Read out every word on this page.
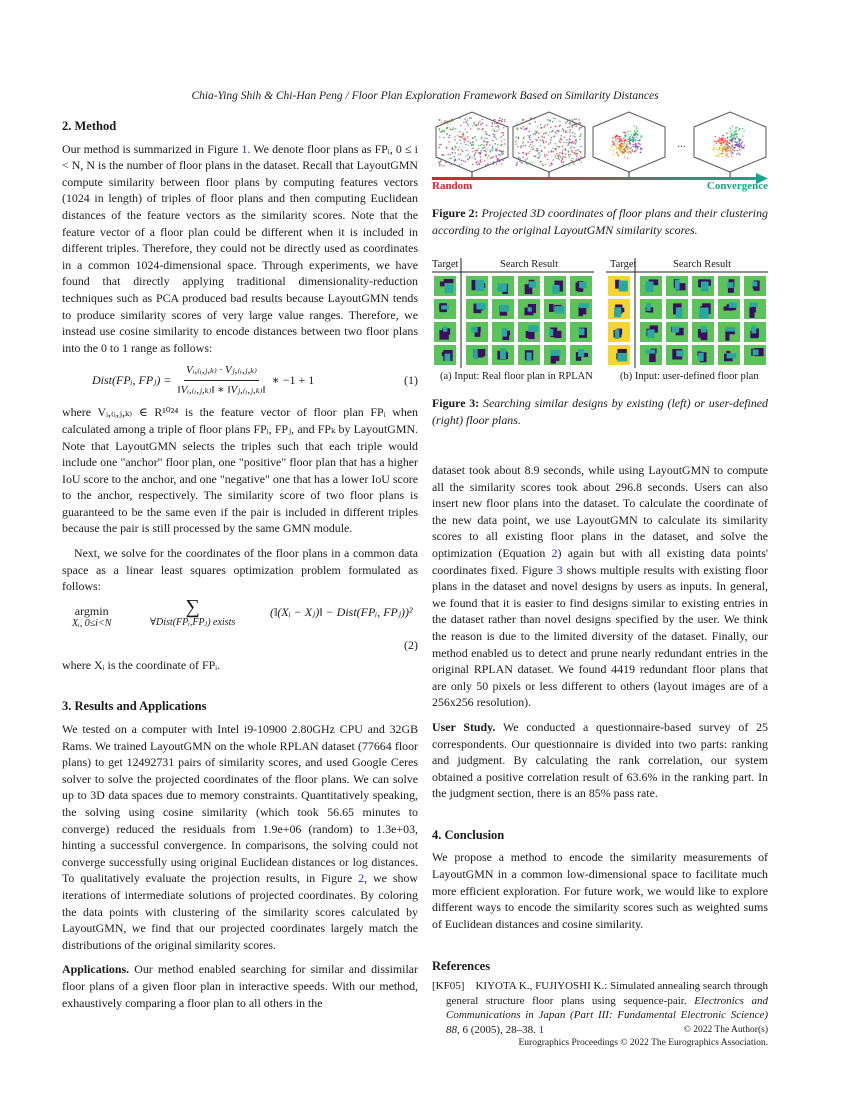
Chia-Ying Shih & Chi-Han Peng / Floor Plan Exploration Framework Based on Similarity Distances
2. Method

Our method is summarized in Figure 1. We denote floor plans as FPᵢ, 0 ≤ i < N, N is the number of floor plans in the dataset. Recall that LayoutGMN compute similarity between floor plans by computing features vectors (1024 in length) of triples of floor plans and then computing Euclidean distances of the feature vectors as the similarity scores. Note that the feature vector of a floor plan could be different when it is included in different triples. Therefore, they could not be directly used as coordinates in a common 1024-dimensional space. Through experiments, we have found that directly applying traditional dimensionality-reduction techniques such as PCA produced bad results because LayoutGMN tends to produce similarity scores of very large value ranges. Therefore, we instead use cosine similarity to encode distances between two floor plans into the 0 to 1 range as follows:

Dist(FPᵢ, FPⱼ) = $\frac{\text{Vᵢ,₍ᵢ,ⱼ,ₖ₎ · Vⱼ,₍ᵢ,ⱼ,ₖ₎}}{\text{‖Vᵢ,₍ᵢ,ⱼ,ₖ₎‖ ∗ ‖Vⱼ,₍ᵢ,ⱼ,ₖ₎‖}}$ ∗ −1 + 1	(1)

where Vᵢ,₍ᵢ,ⱼ,ₖ₎ ∈ R¹⁰²⁴ is the feature vector of floor plan FPᵢ when calculated among a triple of floor plans FPᵢ, FPⱼ, and FPₖ by LayoutGMN. Note that LayoutGMN selects the triples such that each triple would include one "anchor" floor plan, one "positive" floor plan that has a higher IoU score to the anchor, and one "negative" one that has a lower IoU score to the anchor, respectively. The similarity score of two floor plans is guaranteed to be the same even if the pair is included in different triples because the pair is still processed by the same GMN module.

Next, we solve for the coordinates of the floor plans in a common data space as a linear least squares optimization problem formulated as follows:

argmin
Xᵢ, 0≤i<N
∑
∀Dist(FPᵢ,FPⱼ) exists
(‖(Xᵢ − Xⱼ)‖ − Dist(FPᵢ, FPⱼ))²
(2)

where Xᵢ is the coordinate of FPᵢ.

3. Results and Applications

We tested on a computer with Intel i9-10900 2.80GHz CPU and 32GB Rams. We trained LayoutGMN on the whole RPLAN dataset (77664 floor plans) to get 12492731 pairs of similarity scores, and used Google Ceres solver to solve the projected coordinates of the floor plans. We can solve up to 3D data spaces due to memory constraints. Quantitatively speaking, the solving using cosine similarity (which took 56.65 minutes to converge) reduced the residuals from 1.9e+06 (random) to 1.3e+03, hinting a successful convergence. In comparisons, the solving could not converge successfully using original Euclidean distances or log distances. To qualitatively evaluate the projection results, in Figure 2, we show iterations of intermediate solutions of projected coordinates. By coloring the data points with clustering of the similarity scores calculated by LayoutGMN, we find that our projected coordinates largely match the distributions of the original similarity scores.

Applications. Our method enabled searching for similar and dissimilar floor plans of a given floor plan in interactive speeds. With our method, exhaustively comparing a floor plan to all others in the

...
Random	Convergence
Figure 2: Projected 3D coordinates of floor plans and their clustering according to the original LayoutGMN similarity scores.
Target	Search Result	Target	Search Result
(a) Input: Real floor plan in RPLAN	(b) Input: user-defined floor plan
Figure 3: Searching similar designs by existing (left) or user-defined (right) floor plans.

dataset took about 8.9 seconds, while using LayoutGMN to compute all the similarity scores took about 296.8 seconds. Users can also insert new floor plans into the dataset. To calculate the coordinate of the new data point, we use LayoutGMN to calculate its similarity scores to all existing floor plans in the dataset, and solve the optimization (Equation 2) again but with all existing data points' coordinates fixed. Figure 3 shows multiple results with existing floor plans in the dataset and novel designs by users as inputs. In general, we found that it is easier to find designs similar to existing entries in the dataset rather than novel designs specified by the user. We think the reason is due to the limited diversity of the dataset. Finally, our method enabled us to detect and prune nearly redundant entries in the original RPLAN dataset. We found 4419 redundant floor plans that are only 50 pixels or less different to others (layout images are of a 256x256 resolution).

User Study. We conducted a questionnaire-based survey of 25 correspondents. Our questionnaire is divided into two parts: ranking and judgment. By calculating the rank correlation, our system obtained a positive correlation result of 63.6% in the ranking part. In the judgment section, there is an 85% pass rate.

4. Conclusion

We propose a method to encode the similarity measurements of LayoutGMN in a common low-dimensional space to facilitate much more efficient exploration. For future work, we would like to explore different ways to encode the similarity scores such as weighted sums of Euclidean distances and cosine similarity.

References
[KF05] KIYOTA K., FUJIYOSHI K.: Simulated annealing search through general structure floor plans using sequence-pair. Electronics and Communications in Japan (Part III: Fundamental Electronic Science) 88, 6 (2005), 28–38. 1	© 2022 The Author(s)
Eurographics Proceedings © 2022 The Eurographics Association.
